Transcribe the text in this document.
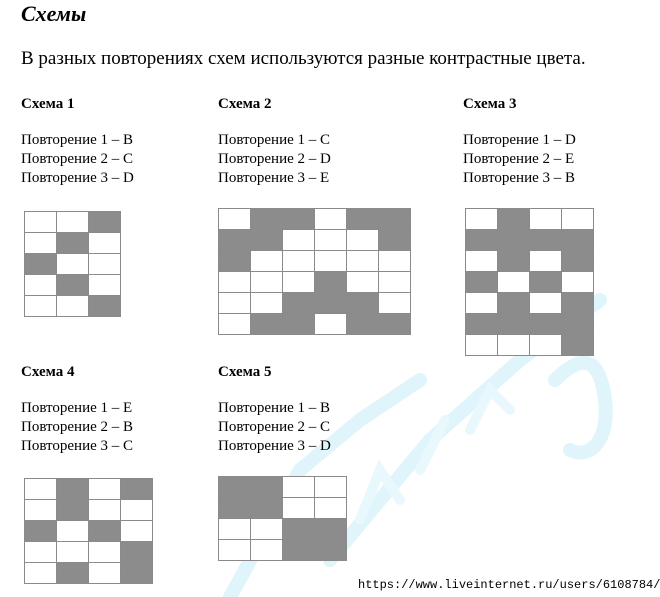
Схемы
В разных повторениях схем используются разные контрастные цвета.
Схема 1
Повторение 1 – B
Повторение 2 – C
Повторение 3 – D

Схема 2
Повторение 1 – C
Повторение 2 – D
Повторение 3 – E

Схема 3
Повторение 1 – D
Повторение 2 – E
Повторение 3 – B

Схема 4
Повторение 1 – E
Повторение 2 – B
Повторение 3 – C

Схема 5
Повторение 1 – B
Повторение 2 – C
Повторение 3 – D

https://www.liveinternet.ru/users/6108784/
